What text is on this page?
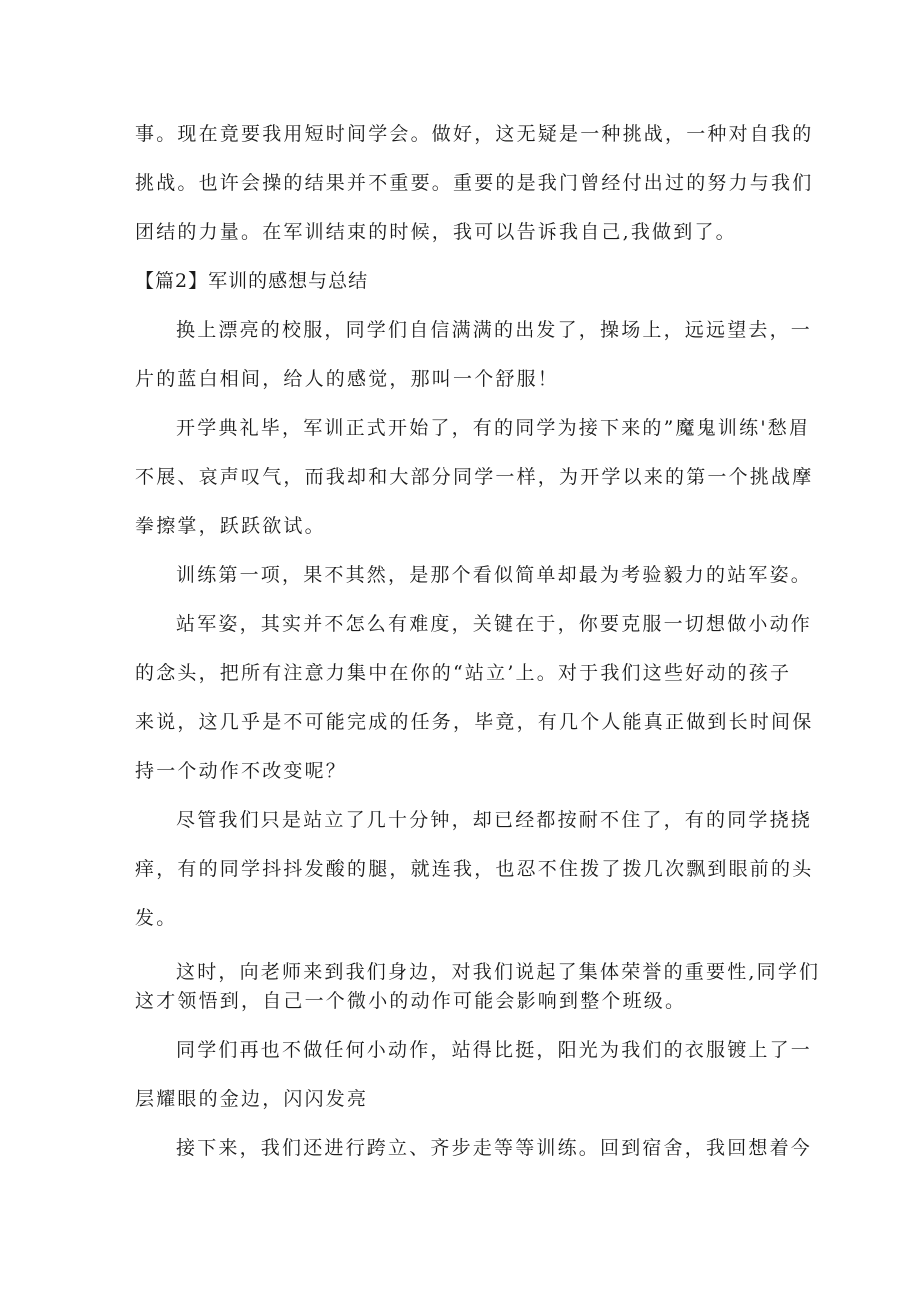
事。现在竟要我用短时间学会。做好，这无疑是一种挑战，一种对自我的
挑战。也许会操的结果并不重要。重要的是我门曾经付出过的努力与我们
团结的力量。在军训结束的时候，我可以告诉我自己,我做到了。
【篇2】军训的感想与总结
换上漂亮的校服，同学们自信满满的出发了，操场上，远远望去，一
片的蓝白相间，给人的感觉，那叫一个舒服！
开学典礼毕，军训正式开始了，有的同学为接下来的”魔鬼训练'愁眉
不展、哀声叹气，而我却和大部分同学一样，为开学以来的第一个挑战摩
拳擦掌，跃跃欲试。
训练第一项，果不其然，是那个看似简单却最为考验毅力的站军姿。
站军姿，其实并不怎么有难度，关键在于，你要克服一切想做小动作
的念头，把所有注意力集中在你的“站立’上。对于我们这些好动的孩子
来说，这几乎是不可能完成的任务，毕竟，有几个人能真正做到长时间保
持一个动作不改变呢？
尽管我们只是站立了几十分钟，却已经都按耐不住了，有的同学挠挠
痒，有的同学抖抖发酸的腿，就连我，也忍不住拨了拨几次飘到眼前的头
发。
这时，向老师来到我们身边，对我们说起了集体荣誉的重要性,同学们
这才领悟到，自己一个微小的动作可能会影响到整个班级。
同学们再也不做任何小动作，站得比挺，阳光为我们的衣服镀上了一
层耀眼的金边，闪闪发亮
接下来，我们还进行跨立、齐步走等等训练。回到宿舍，我回想着今
